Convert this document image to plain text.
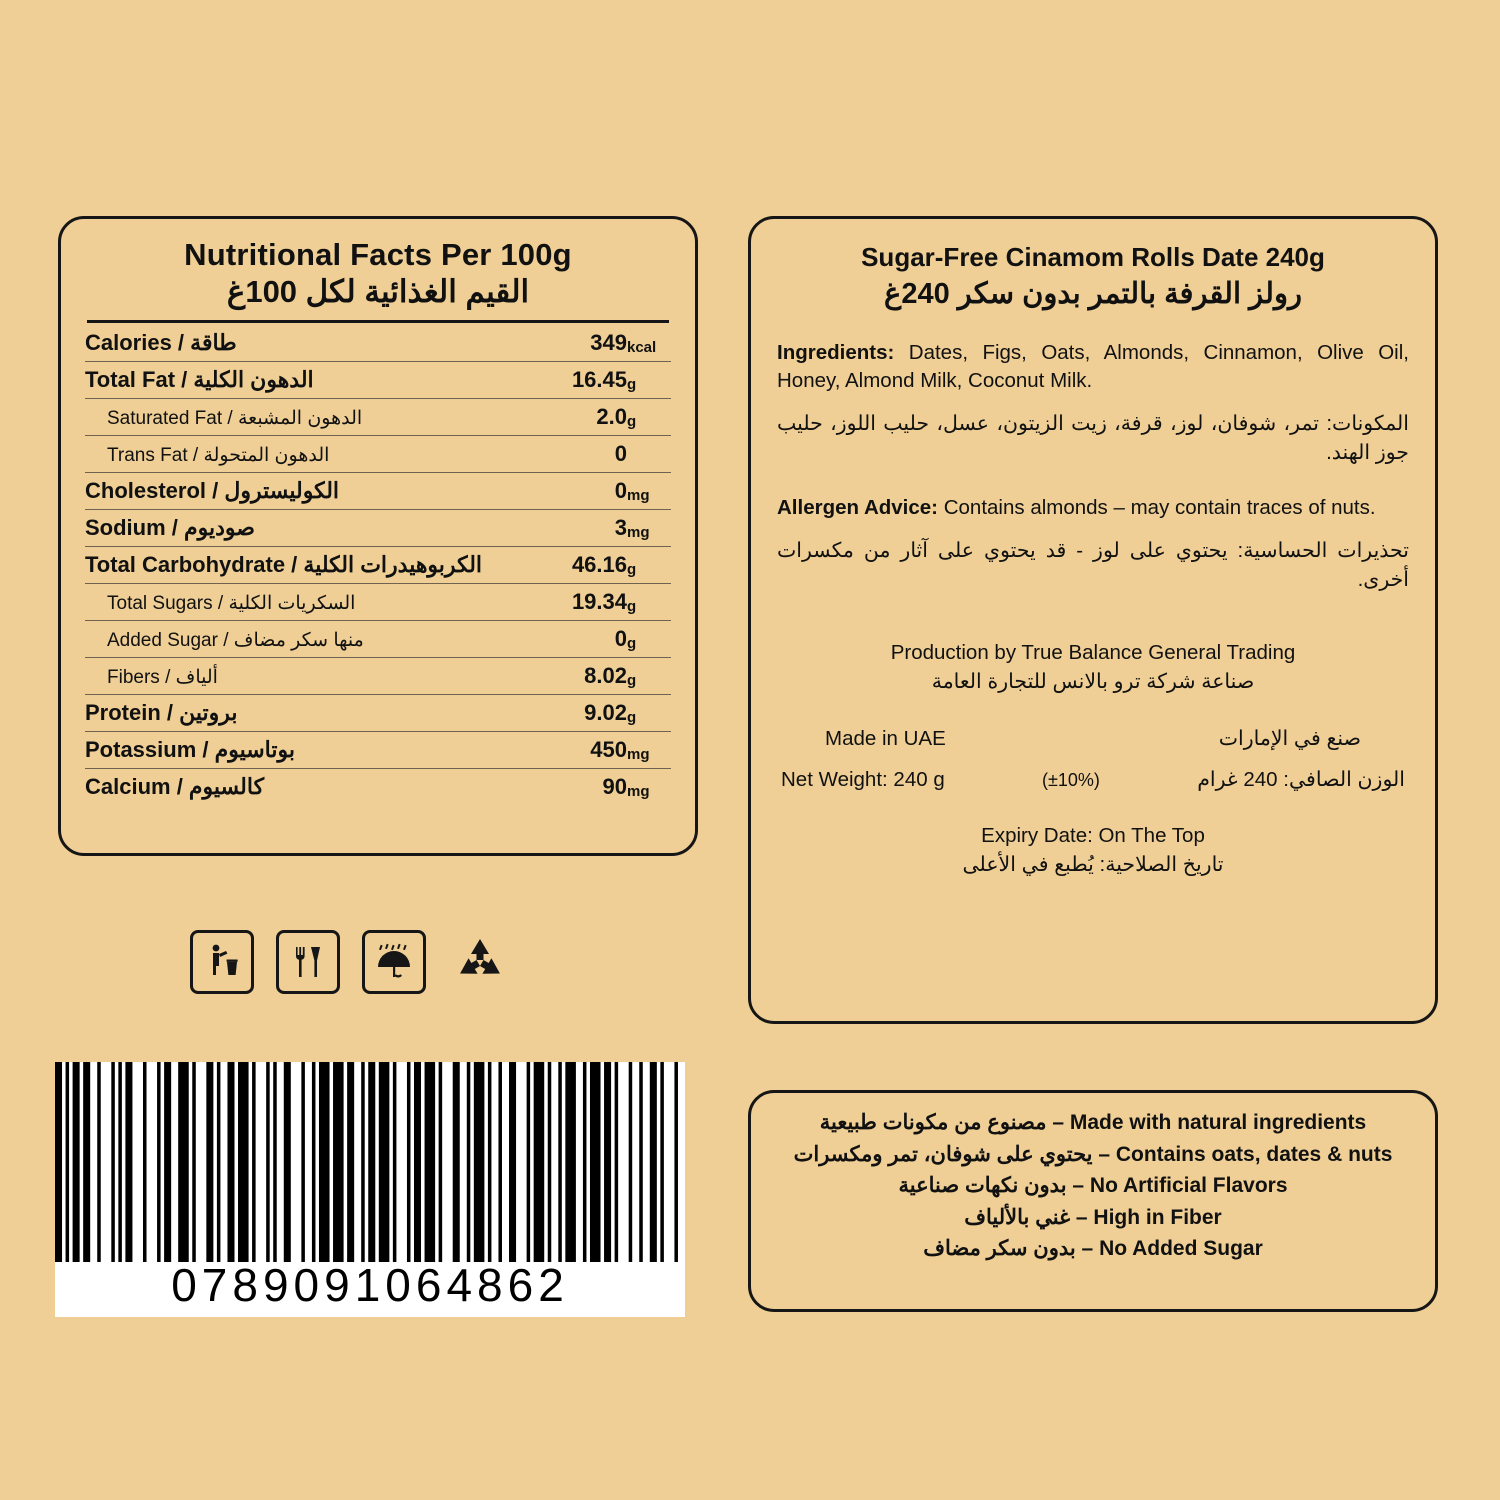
Nutritional Facts Per 100g
القيم الغذائية لكل 100غ
Calories / طاقة	349	kcal
Total Fat / الدهون الكلية	16.45	g
Saturated Fat / الدهون المشبعة	2.0	g
Trans Fat / الدهون المتحولة	0	
Cholesterol / الكوليسترول	0	mg
Sodium / صوديوم	3	mg
Total Carbohydrate / الكربوهيدرات الكلية	46.16	g
Total Sugars / السكريات الكلية	19.34	g
Added Sugar / منها سكر مضاف	0	g
Fibers / ألياف	8.02	g
Protein / بروتين	9.02	g
Potassium / بوتاسيوم	450	mg
Calcium / كالسيوم	90	mg
Sugar-Free Cinamom Rolls Date 240g
رولز القرفة بالتمر بدون سكر 240غ
Ingredients: Dates, Figs, Oats, Almonds, Cinnamon, Olive Oil, Honey, Almond Milk, Coconut Milk.
المكونات: تمر، شوفان، لوز، قرفة، زيت الزيتون، عسل، حليب اللوز، حليب جوز الهند.
Allergen Advice: Contains almonds – may contain traces of nuts.
تحذيرات الحساسية: يحتوي على لوز - قد يحتوي على آثار من مكسرات أخرى.
Production by True Balance General Trading
صناعة شركة ترو بالانس للتجارة العامة
Made in UAE	صنع في الإمارات
Net Weight: 240 g	(±10%)	الوزن الصافي: 240 غرام
Expiry Date: On The Top
تاريخ الصلاحية: يُطبع في الأعلى
Made with natural ingredients – مصنوع من مكونات طبيعية
Contains oats, dates & nuts – يحتوي على شوفان، تمر ومكسرات
No Artificial Flavors – بدون نكهات صناعية
High in Fiber – غني بالألياف
No Added Sugar – بدون سكر مضاف
0789091064862
